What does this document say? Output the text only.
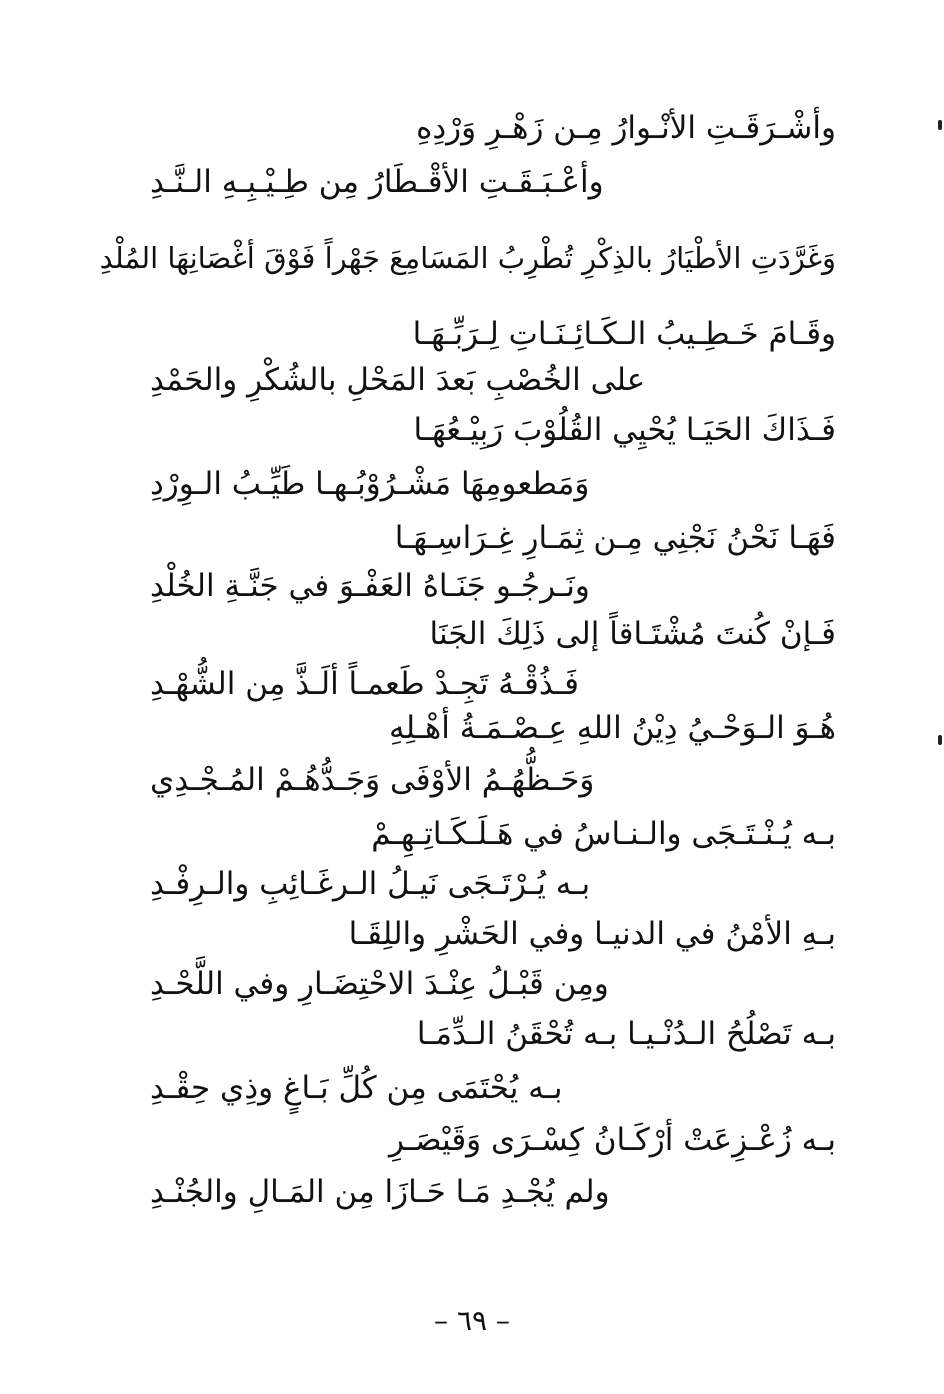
وأشْـرَقَـتِ الأنْـوارُ مِـن زَهْـرِ وَرْدِهِ
وأعْـبَـقَـتِ الأقْـطَارُ مِن طِـيْـبِـهِ الـنَّـدِ
وَغَرَّدَتِ الأطْيَارُ بالذِكْرِ تُطْرِبُ المَسَامِعَ جَهْراً فَوْقَ أغْصَانِهَا المُلْدِ
وقَـامَ خَـطِـيبُ الـكَـائِـنَـاتِ لِـرَبِّـهَـا
على الخُصْبِ بَعدَ المَحْلِ بالشُكْرِ والحَمْدِ
فَـذَاكَ الحَيَـا يُحْيِي القُلُوْبَ رَبِيْـعُهَـا
وَمَطعومِهَا مَشْـرُوْبُـهـا طَيِّـبُ الـوِرْدِ
فَهَـا نَحْنُ نَجْنِي مِـن ثِمَـارِ غِـرَاسِـهَـا
ونَـرجُـو جَنَـاهُ العَفْـوَ في جَنَّـةِ الخُلْدِ
فَـإنْ كُنتَ مُشْتَـاقاً إلى ذَلِكَ الجَنَا
فَـذُقْـهُ تَجِـدْ طَعمـاً ألَـذَّ مِن الشُّهْـدِ
هُـوَ الـوَحْـيُ دِيْنُ اللهِ عِـصْـمَـةُ أهْـلِهِ
وَحَـظُّهُـمُ الأوْفَى وَجَـدُّهُـمْ المُـجْـدِي
بـه يُـنْـتَـجَى والـنـاسُ في هَـلَـكَـاتِـهِـمْ
بـه يُـرْتَـجَى نَيـلُ الـرغَـائِبِ والـرِفْـدِ
بـهِ الأمْنُ في الدنيـا وفي الحَشْرِ واللِقَـا
ومِن قَبْـلُ عِنْـدَ الاحْتِضَـارِ وفي اللَّحْـدِ
بـه تَصْلُحُ الـدُنْـيـا بـه تُحْقَنُ الـدِّمَـا
بـه يُحْتَمَى مِن كُلِّ بَـاغٍ وذِي حِقْـدِ
بـه زُعْـزِعَتْ أرْكَـانُ كِسْـرَى وَقَيْصَـرِ
ولم يُجْـدِ مَـا حَـازَا مِن المَـالِ والجُنْـدِ
– ٦٩ –
